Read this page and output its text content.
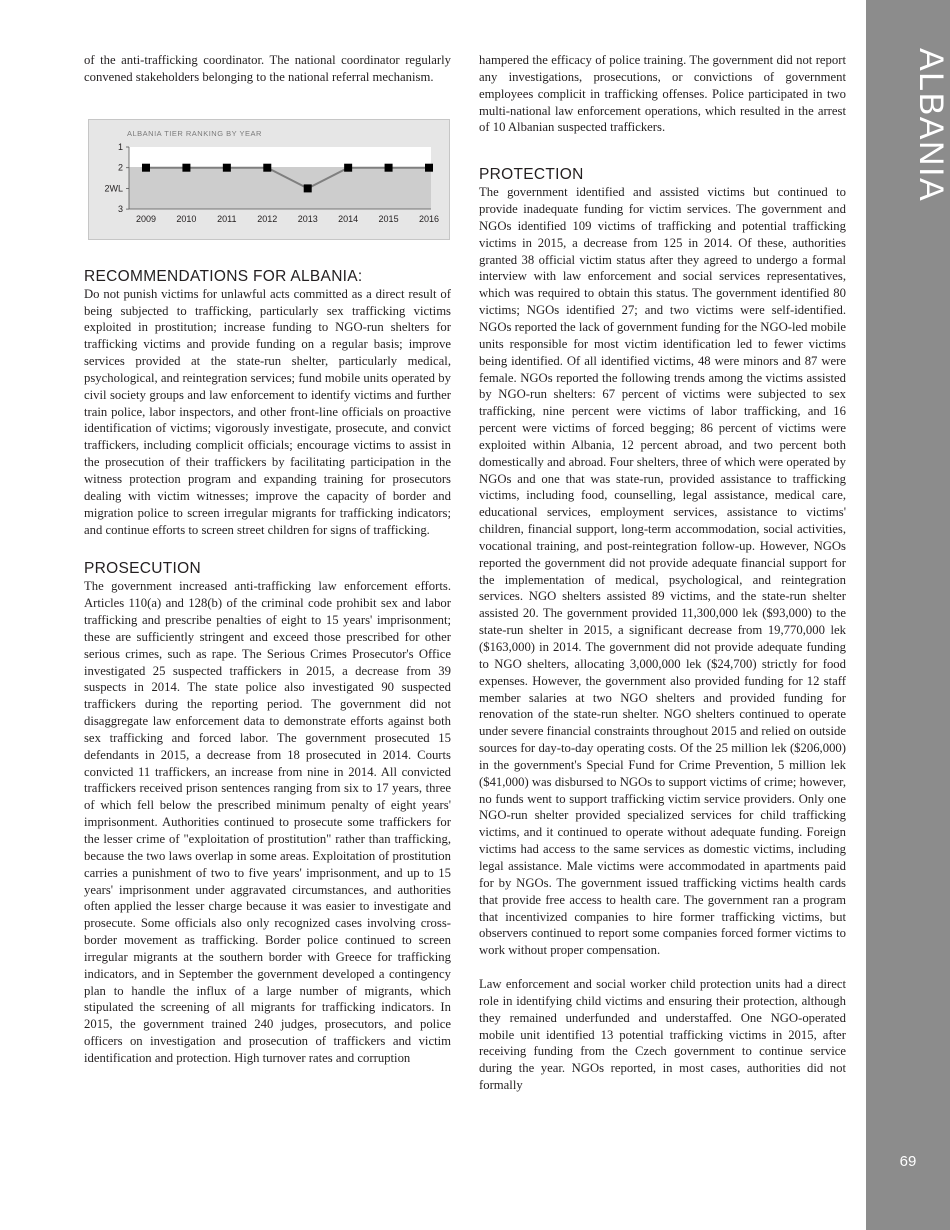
ALBANIA
69

of the anti-trafficking coordinator. The national coordinator regularly convened stakeholders belonging to the national referral mechanism.

ALBANIA TIER RANKING BY YEAR
1
2
2WL
3
2009 2010 2011 2012 2013 2014 2015 2016
RECOMMENDATIONS FOR ALBANIA:

Do not punish victims for unlawful acts committed as a direct result of being subjected to trafficking, particularly sex trafficking victims exploited in prostitution; increase funding to NGO-run shelters for trafficking victims and provide funding on a regular basis; improve services provided at the state-run shelter, particularly medical, psychological, and reintegration services; fund mobile units operated by civil society groups and law enforcement to identify victims and further train police, labor inspectors, and other front-line officials on proactive identification of victims; vigorously investigate, prosecute, and convict traffickers, including complicit officials; encourage victims to assist in the prosecution of their traffickers by facilitating participation in the witness protection program and expanding training for prosecutors dealing with victim witnesses; improve the capacity of border and migration police to screen irregular migrants for trafficking indicators; and continue efforts to screen street children for signs of trafficking.

PROSECUTION

The government increased anti-trafficking law enforcement efforts. Articles 110(a) and 128(b) of the criminal code prohibit sex and labor trafficking and prescribe penalties of eight to 15 years' imprisonment; these are sufficiently stringent and exceed those prescribed for other serious crimes, such as rape. The Serious Crimes Prosecutor's Office investigated 25 suspected traffickers in 2015, a decrease from 39 suspects in 2014. The state police also investigated 90 suspected traffickers during the reporting period. The government did not disaggregate law enforcement data to demonstrate efforts against both sex trafficking and forced labor. The government prosecuted 15 defendants in 2015, a decrease from 18 prosecuted in 2014. Courts convicted 11 traffickers, an increase from nine in 2014. All convicted traffickers received prison sentences ranging from six to 17 years, three of which fell below the prescribed minimum penalty of eight years' imprisonment. Authorities continued to prosecute some traffickers for the lesser crime of "exploitation of prostitution" rather than trafficking, because the two laws overlap in some areas. Exploitation of prostitution carries a punishment of two to five years' imprisonment, and up to 15 years' imprisonment under aggravated circumstances, and authorities often applied the lesser charge because it was easier to investigate and prosecute. Some officials also only recognized cases involving cross-border movement as trafficking. Border police continued to screen irregular migrants at the southern border with Greece for trafficking indicators, and in September the government developed a contingency plan to handle the influx of a large number of migrants, which stipulated the screening of all migrants for trafficking indicators. In 2015, the government trained 240 judges, prosecutors, and police officers on investigation and prosecution of traffickers and victim identification and protection. High turnover rates and corruption

hampered the efficacy of police training. The government did not report any investigations, prosecutions, or convictions of government employees complicit in trafficking offenses. Police participated in two multi-national law enforcement operations, which resulted in the arrest of 10 Albanian suspected traffickers.

PROTECTION

The government identified and assisted victims but continued to provide inadequate funding for victim services. The government and NGOs identified 109 victims of trafficking and potential trafficking victims in 2015, a decrease from 125 in 2014. Of these, authorities granted 38 official victim status after they agreed to undergo a formal interview with law enforcement and social services representatives, which was required to obtain this status. The government identified 80 victims; NGOs identified 27; and two victims were self-identified. NGOs reported the lack of government funding for the NGO-led mobile units responsible for most victim identification led to fewer victims being identified. Of all identified victims, 48 were minors and 87 were female. NGOs reported the following trends among the victims assisted by NGO-run shelters: 67 percent of victims were subjected to sex trafficking, nine percent were victims of labor trafficking, and 16 percent were victims of forced begging; 86 percent of victims were exploited within Albania, 12 percent abroad, and two percent both domestically and abroad. Four shelters, three of which were operated by NGOs and one that was state-run, provided assistance to trafficking victims, including food, counselling, legal assistance, medical care, educational services, employment services, assistance to victims' children, financial support, long-term accommodation, social activities, vocational training, and post-reintegration follow-up. However, NGOs reported the government did not provide adequate financial support for the implementation of medical, psychological, and reintegration services. NGO shelters assisted 89 victims, and the state-run shelter assisted 20. The government provided 11,300,000 lek ($93,000) to the state-run shelter in 2015, a significant decrease from 19,770,000 lek ($163,000) in 2014. The government did not provide adequate funding to NGO shelters, allocating 3,000,000 lek ($24,700) strictly for food expenses. However, the government also provided funding for 12 staff member salaries at two NGO shelters and provided funding for renovation of the state-run shelter. NGO shelters continued to operate under severe financial constraints throughout 2015 and relied on outside sources for day-to-day operating costs. Of the 25 million lek ($206,000) in the government's Special Fund for Crime Prevention, 5 million lek ($41,000) was disbursed to NGOs to support victims of crime; however, no funds went to support trafficking victim service providers. Only one NGO-run shelter provided specialized services for child trafficking victims, and it continued to operate without adequate funding. Foreign victims had access to the same services as domestic victims, including legal assistance. Male victims were accommodated in apartments paid for by NGOs. The government issued trafficking victims health cards that provide free access to health care. The government ran a program that incentivized companies to hire former trafficking victims, but observers continued to report some companies forced former victims to work without proper compensation.

Law enforcement and social worker child protection units had a direct role in identifying child victims and ensuring their protection, although they remained underfunded and understaffed. One NGO-operated mobile unit identified 13 potential trafficking victims in 2015, after receiving funding from the Czech government to continue service during the year. NGOs reported, in most cases, authorities did not formally
